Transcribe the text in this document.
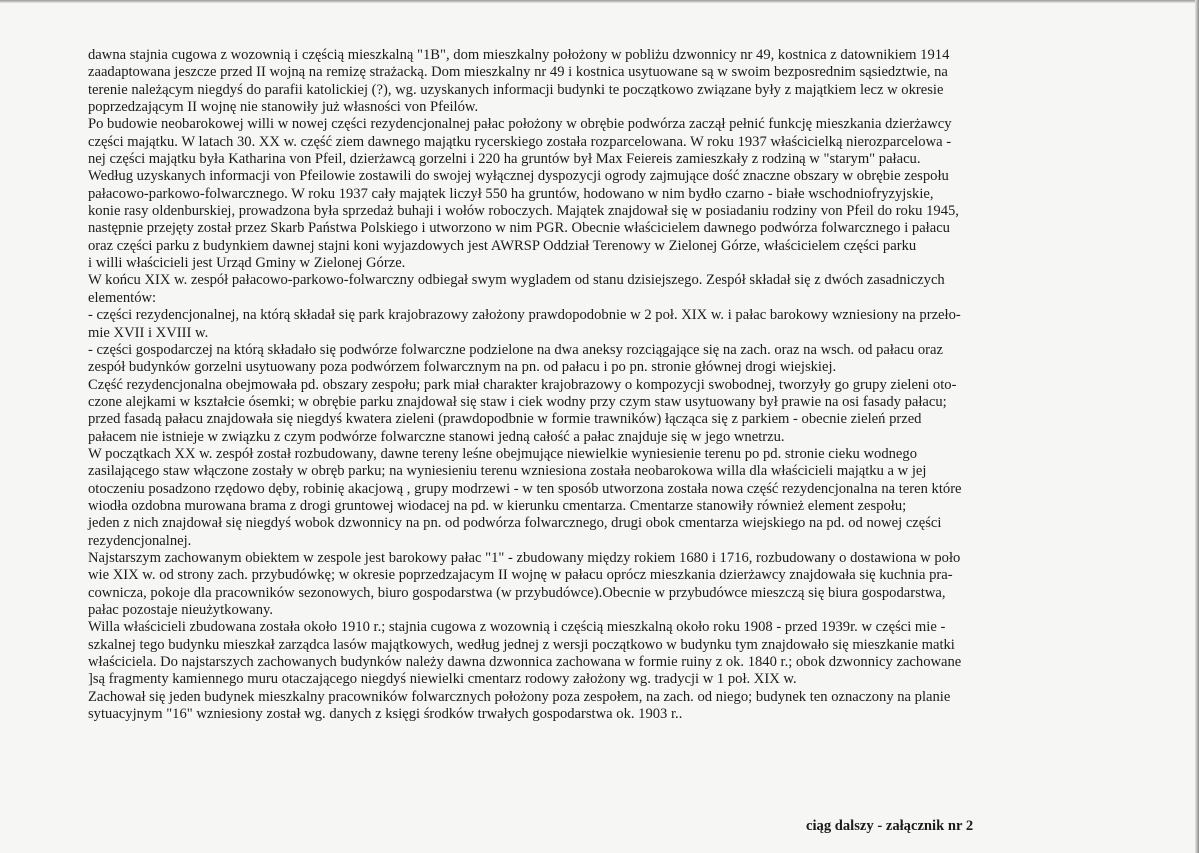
dawna stajnia cugowa z wozownią i częścią mieszkalną "1B", dom mieszkalny położony w pobliżu dzwonnicy nr 49, kostnica z datownikiem 1914
zaadaptowana jeszcze przed II wojną na remizę strażacką. Dom mieszkalny nr 49 i kostnica usytuowane są w swoim bezposrednim sąsiedztwie, na
terenie należącym niegdyś do parafii katolickiej (?), wg. uzyskanych informacji budynki te początkowo związane były z majątkiem lecz w okresie
poprzedzającym II wojnę nie stanowiły już własności von Pfeilów.
Po budowie neobarokowej willi w nowej części rezydencjonalnej pałac położony w obrębie podwórza zaczął pełnić funkcję mieszkania dzierżawcy
części majątku. W latach 30. XX w. część ziem dawnego majątku rycerskiego została rozparcelowana. W roku 1937 właścicielką nierozparcelowa -
nej części majątku była Katharina von Pfeil, dzierżawcą gorzelni i 220 ha gruntów był Max Feiereis zamieszkały z rodziną w "starym" pałacu.
Według uzyskanych informacji von Pfeilowie zostawili do swojej wyłącznej dyspozycji ogrody zajmujące dość znaczne obszary w obrębie zespołu
pałacowo-parkowo-folwarcznego. W roku 1937 cały majątek liczył 550 ha gruntów, hodowano w nim bydło czarno - białe wschodniofryzyjskie,
konie rasy oldenburskiej, prowadzona była sprzedaż buhaji i wołów roboczych. Majątek znajdował się w posiadaniu rodziny von Pfeil do roku 1945,
następnie przejęty został przez Skarb Państwa Polskiego i utworzono w nim PGR. Obecnie właścicielem dawnego podwórza folwarcznego i pałacu
oraz części parku z budynkiem dawnej stajni koni wyjazdowych jest AWRSP Oddział Terenowy w Zielonej Górze, właścicielem części parku
i willi właścicieli jest Urząd Gminy w Zielonej Górze.
W końcu XIX w. zespół pałacowo-parkowo-folwarczny odbiegał swym wygladem od stanu dzisiejszego. Zespół składał się z dwóch zasadniczych
elementów:
- części rezydencjonalnej, na którą składał się park krajobrazowy założony prawdopodobnie w 2 poł. XIX w. i pałac barokowy wzniesiony na przeło-
mie XVII i XVIII w.
- części gospodarczej na którą składało się podwórze folwarczne podzielone na dwa aneksy rozciągające się na zach. oraz na wsch. od pałacu oraz
zespół budynków gorzelni usytuowany poza podwórzem folwarcznym na pn. od pałacu i po pn. stronie głównej drogi wiejskiej.
Część rezydencjonalna obejmowała pd. obszary zespołu; park miał charakter krajobrazowy o kompozycji swobodnej, tworzyły go grupy zieleni oto-
czone alejkami w kształcie ósemki; w obrębie parku znajdował się staw i ciek wodny przy czym staw usytuowany był prawie na osi fasady pałacu;
przed fasadą pałacu znajdowała się niegdyś kwatera zieleni (prawdopodbnie w formie trawników) łącząca się z parkiem - obecnie zieleń przed
pałacem nie istnieje w związku z czym podwórze folwarczne stanowi jedną całość a pałac znajduje się w jego wnetrzu.
W początkach XX w. zespół został rozbudowany, dawne tereny leśne obejmujące niewielkie wyniesienie terenu po pd. stronie cieku wodnego
zasilającego staw włączone zostały w obręb parku; na wyniesieniu terenu wzniesiona została neobarokowa willa dla właścicieli majątku a w jej
otoczeniu posadzono rzędowo dęby, robinię akacjową , grupy modrzewi - w ten sposób utworzona została nowa część rezydencjonalna na teren które
wiodła ozdobna murowana brama z drogi gruntowej wiodacej na pd. w kierunku cmentarza. Cmentarze stanowiły również element zespołu;
jeden z nich znajdował się niegdyś wobok dzwonnicy na pn. od podwórza folwarcznego, drugi obok cmentarza wiejskiego na pd. od nowej części
rezydencjonalnej.
Najstarszym zachowanym obiektem w zespole jest barokowy pałac "1" - zbudowany między rokiem 1680 i 1716, rozbudowany o dostawiona w poło
wie XIX w. od strony zach. przybudówkę; w okresie poprzedzajacym II wojnę w pałacu oprócz mieszkania dzierżawcy znajdowała się kuchnia pra-
cownicza, pokoje dla pracowników sezonowych, biuro gospodarstwa (w przybudówce).Obecnie w przybudówce mieszczą się biura gospodarstwa,
pałac pozostaje nieużytkowany.
Willa właścicieli zbudowana została około 1910 r.; stajnia cugowa z wozownią i częścią mieszkalną około roku 1908 - przed 1939r. w części mie -
szkalnej tego budynku mieszkał zarządca lasów majątkowych, według jednej z wersji początkowo w budynku tym znajdowało się mieszkanie matki
właściciela. Do najstarszych zachowanych budynków należy dawna dzwonnica zachowana w formie ruiny z ok. 1840 r.; obok dzwonnicy zachowane
]są fragmenty kamiennego muru otaczającego niegdyś niewielki cmentarz rodowy założony wg. tradycji w 1 poł. XIX w.
Zachował się jeden budynek mieszkalny pracowników folwarcznych położony poza zespołem, na zach. od niego; budynek ten oznaczony na planie
sytuacyjnym "16" wzniesiony został wg. danych z księgi środków trwałych gospodarstwa ok. 1903 r..
ciąg dalszy - załącznik nr 2
